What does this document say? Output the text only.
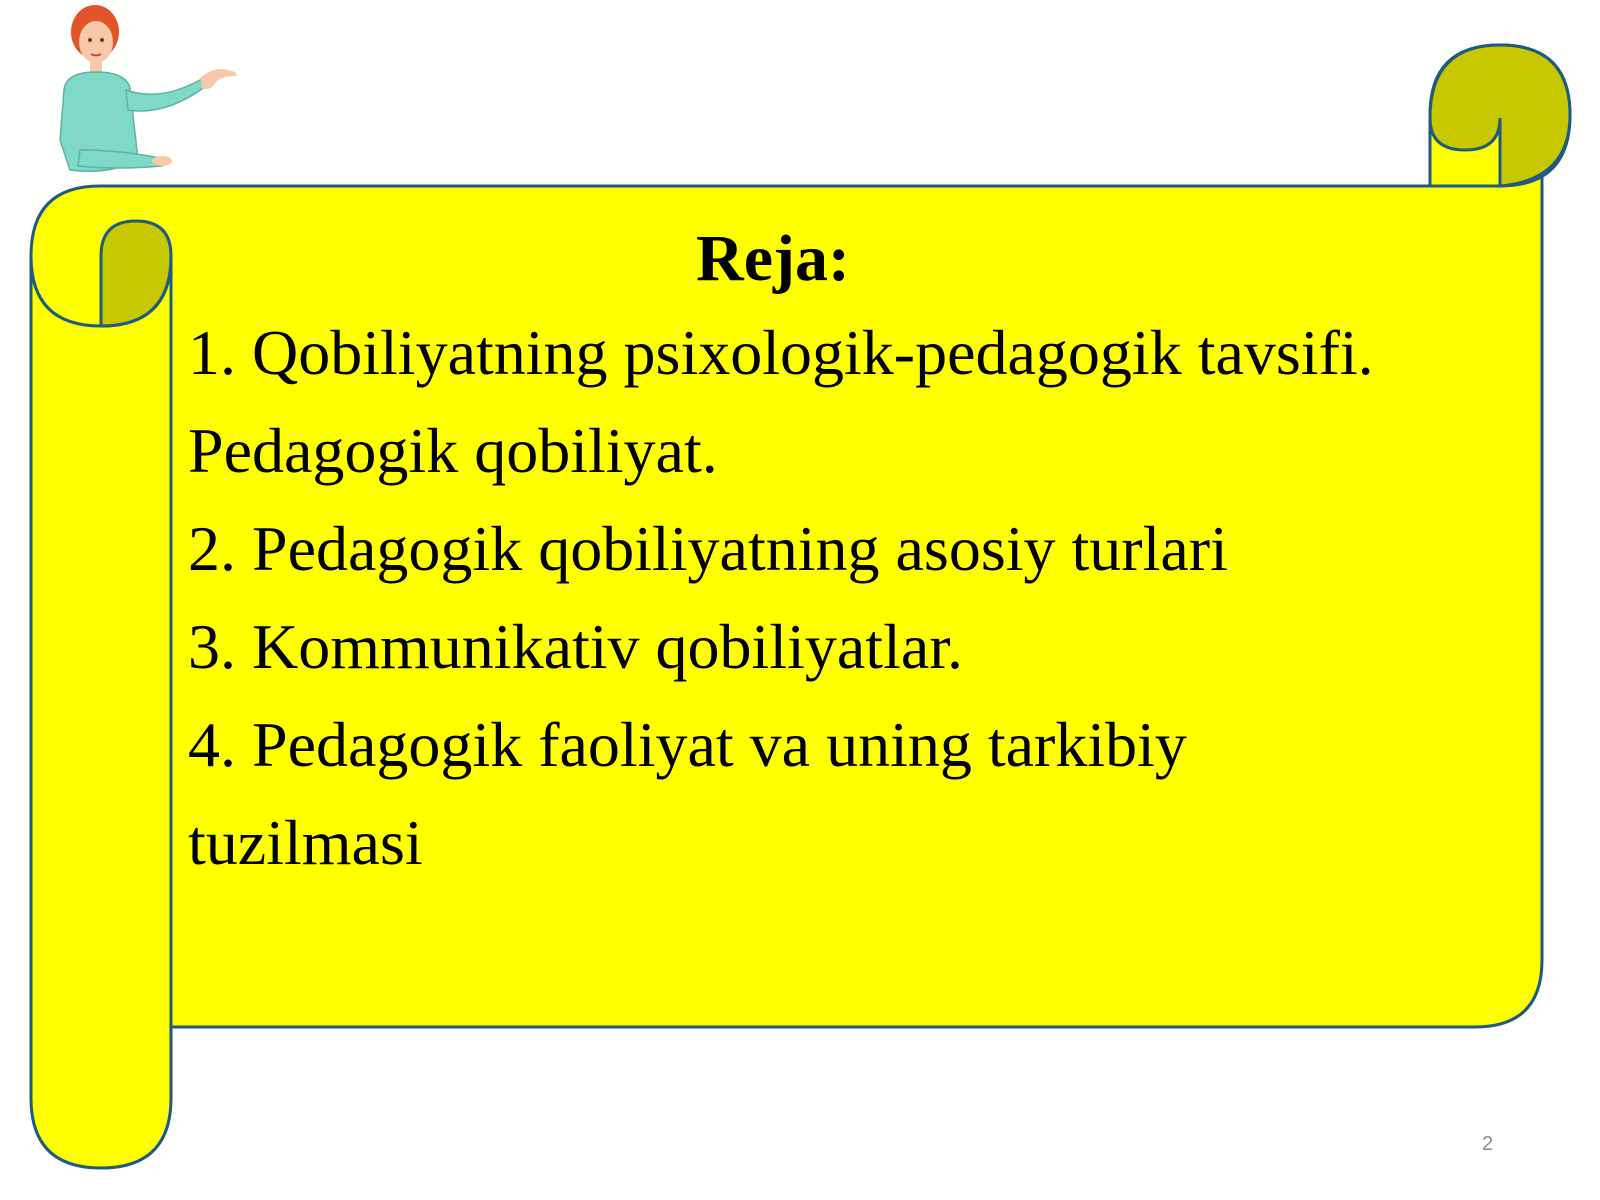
Reja:
1. Qobiliyatning psixologik-pedagogik tavsifi. Pedagogik qobiliyat.
2. Pedagogik qobiliyatning asosiy turlari
3. Kommunikativ qobiliyatlar.
4. Pedagogik faoliyat va uning tarkibiy tuzilmasi
2
